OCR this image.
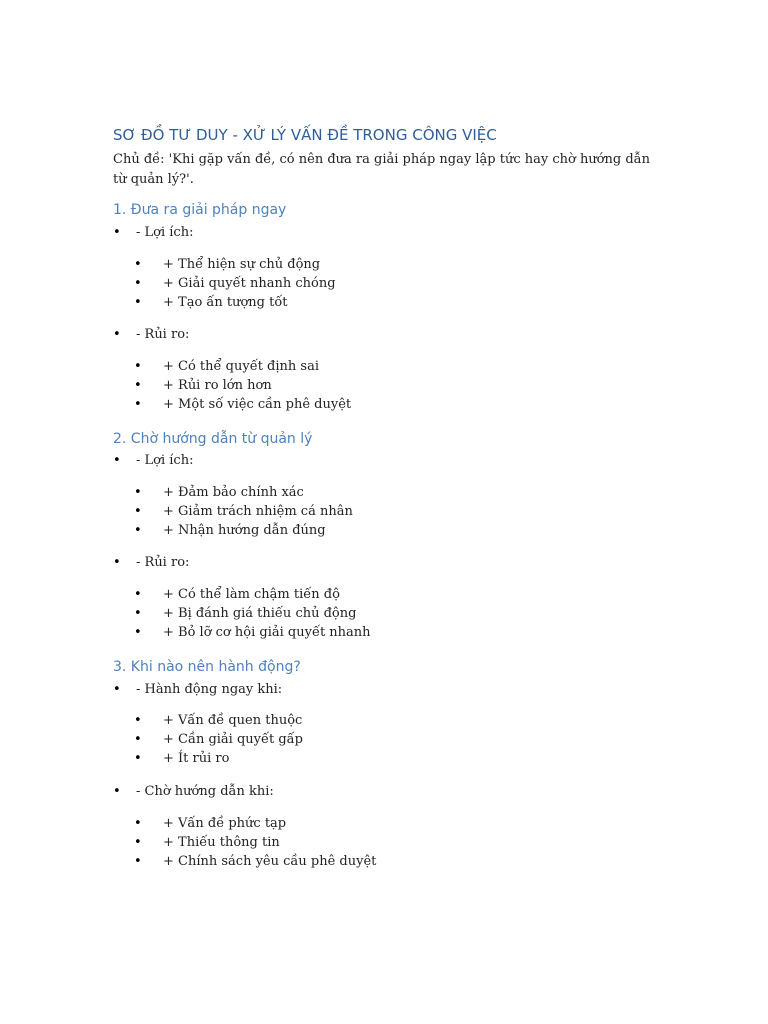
SƠ ĐỒ TƯ DUY - XỬ LÝ VẤN ĐỀ TRONG CÔNG VIỆC

Chủ đề: 'Khi gặp vấn đề, có nên đưa ra giải pháp ngay lập tức hay chờ hướng dẫn từ quản lý?'.

1. Đưa ra giải pháp ngay
• - Lợi ích:
• + Thể hiện sự chủ động
• + Giải quyết nhanh chóng
• + Tạo ấn tượng tốt
• - Rủi ro:
• + Có thể quyết định sai
• + Rủi ro lớn hơn
• + Một số việc cần phê duyệt
2. Chờ hướng dẫn từ quản lý
• - Lợi ích:
• + Đảm bảo chính xác
• + Giảm trách nhiệm cá nhân
• + Nhận hướng dẫn đúng
• - Rủi ro:
• + Có thể làm chậm tiến độ
• + Bị đánh giá thiếu chủ động
• + Bỏ lỡ cơ hội giải quyết nhanh
3. Khi nào nên hành động?
• - Hành động ngay khi:
• + Vấn đề quen thuộc
• + Cần giải quyết gấp
• + Ít rủi ro
• - Chờ hướng dẫn khi:
• + Vấn đề phức tạp
• + Thiếu thông tin
• + Chính sách yêu cầu phê duyệt
